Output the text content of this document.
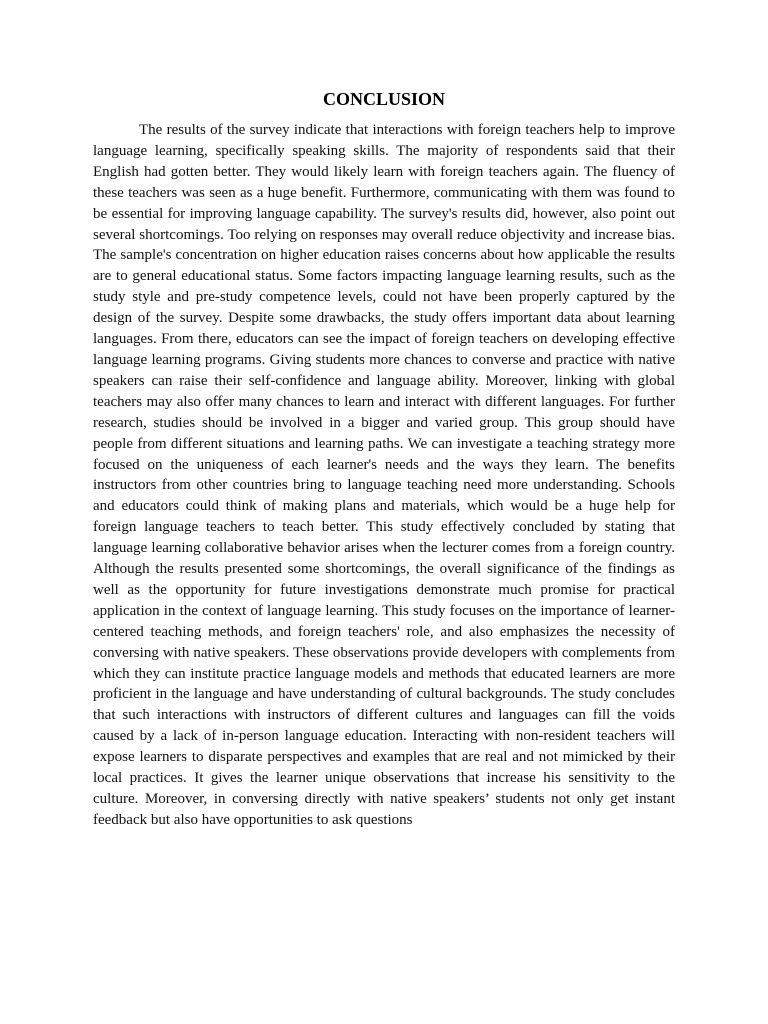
CONCLUSION

The results of the survey indicate that interactions with foreign teachers help to improve language learning, specifically speaking skills. The majority of respondents said that their English had gotten better. They would likely learn with foreign teachers again. The fluency of these teachers was seen as a huge benefit. Furthermore, communicating with them was found to be essential for improving language capability. The survey's results did, however, also point out several shortcomings. Too relying on responses may overall reduce objectivity and increase bias. The sample's concentration on higher education raises concerns about how applicable the results are to general educational status. Some factors impacting language learning results, such as the study style and pre-study competence levels, could not have been properly captured by the design of the survey. Despite some drawbacks, the study offers important data about learning languages. From there, educators can see the impact of foreign teachers on developing effective language learning programs. Giving students more chances to converse and practice with native speakers can raise their self-confidence and language ability. Moreover, linking with global teachers may also offer many chances to learn and interact with different languages. For further research, studies should be involved in a bigger and varied group. This group should have people from different situations and learning paths. We can investigate a teaching strategy more focused on the uniqueness of each learner's needs and the ways they learn. The benefits instructors from other countries bring to language teaching need more understanding. Schools and educators could think of making plans and materials, which would be a huge help for foreign language teachers to teach better. This study effectively concluded by stating that language learning collaborative behavior arises when the lecturer comes from a foreign country. Although the results presented some shortcomings, the overall significance of the findings as well as the opportunity for future investigations demonstrate much promise for practical application in the context of language learning. This study focuses on the importance of learner-centered teaching methods, and foreign teachers' role, and also emphasizes the necessity of conversing with native speakers. These observations provide developers with complements from which they can institute practice language models and methods that educated learners are more proficient in the language and have understanding of cultural backgrounds. The study concludes that such interactions with instructors of different cultures and languages can fill the voids caused by a lack of in-person language education. Interacting with non-resident teachers will expose learners to disparate perspectives and examples that are real and not mimicked by their local practices. It gives the learner unique observations that increase his sensitivity to the culture. Moreover, in conversing directly with native speakers’ students not only get instant feedback but also have opportunities to ask questions
